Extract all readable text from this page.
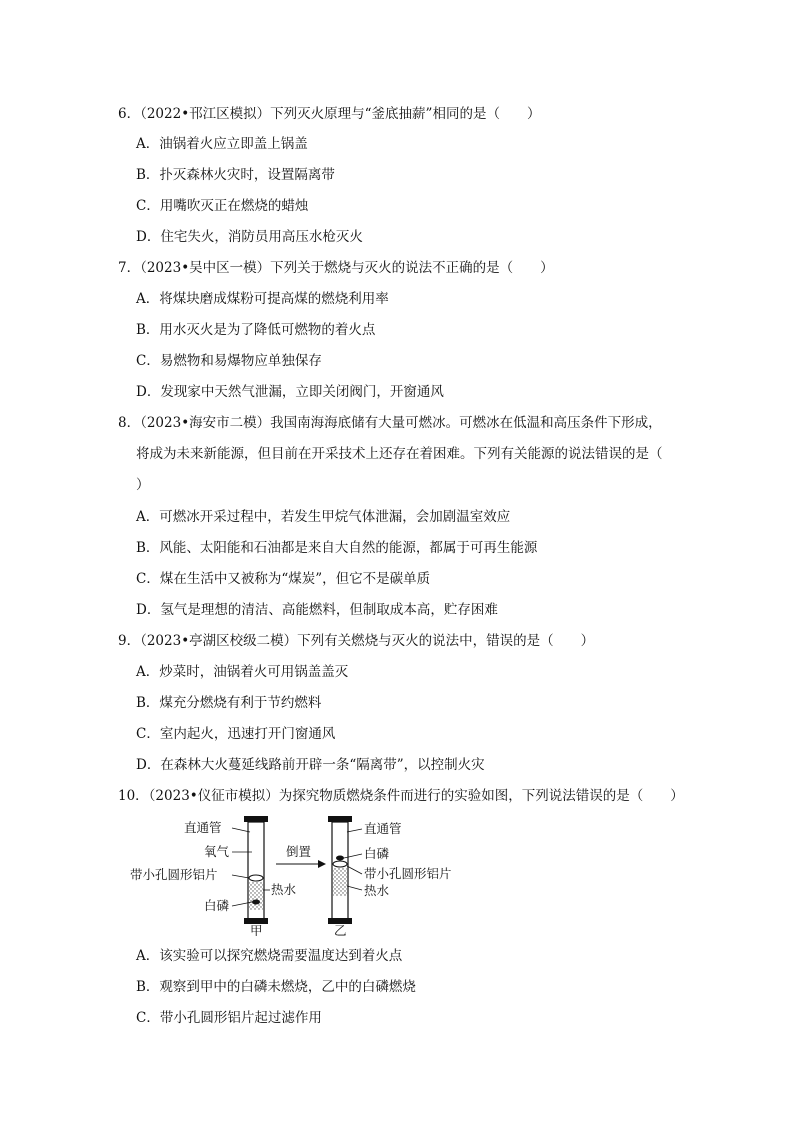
6．（2022•邗江区模拟）下列灭火原理与“釜底抽薪”相同的是（　　）
A．油锅着火应立即盖上锅盖
B．扑灭森林火灾时，设置隔离带
C．用嘴吹灭正在燃烧的蜡烛
D．住宅失火，消防员用高压水枪灭火
7．（2023•吴中区一模）下列关于燃烧与灭火的说法不正确的是（　　）
A．将煤块磨成煤粉可提高煤的燃烧利用率
B．用水灭火是为了降低可燃物的着火点
C．易燃物和易爆物应单独保存
D．发现家中天然气泄漏，立即关闭阀门，开窗通风
8．（2023•海安市二模）我国南海海底储有大量可燃冰。可燃冰在低温和高压条件下形成，
将成为未来新能源，但目前在开采技术上还存在着困难。下列有关能源的说法错误的是（
）
A．可燃冰开采过程中，若发生甲烷气体泄漏，会加剧温室效应
B．风能、太阳能和石油都是来自大自然的能源，都属于可再生能源
C．煤在生活中又被称为“煤炭”，但它不是碳单质
D．氢气是理想的清洁、高能燃料，但制取成本高，贮存困难
9．（2023•亭湖区校级二模）下列有关燃烧与灭火的说法中，错误的是（　　）
A．炒菜时，油锅着火可用锅盖盖灭
B．煤充分燃烧有利于节约燃料
C．室内起火，迅速打开门窗通风
D．在森林大火蔓延线路前开辟一条“隔离带”，以控制火灾
10．（2023•仪征市模拟）为探究物质燃烧条件而进行的实验如图，下列说法错误的是（　　）
直通管
氧气
带小孔圆形铝片
热水
白磷
甲
倒置
直通管
白磷
带小孔圆形铝片
热水
乙
A．该实验可以探究燃烧需要温度达到着火点
B．观察到甲中的白磷未燃烧，乙中的白磷燃烧
C．带小孔圆形铝片起过滤作用
